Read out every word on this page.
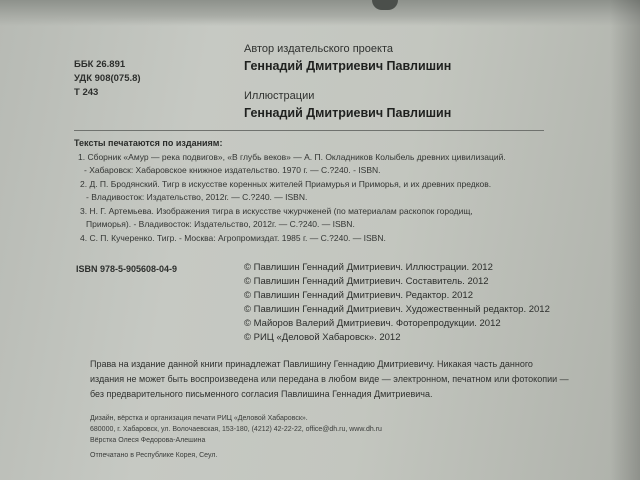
ББК 26.891
УДК 908(075.8)
Т 243
Автор издательского проекта
Геннадий Дмитриевич Павлишин
Иллюстрации
Геннадий Дмитриевич Павлишин
Тексты печатаются по изданиям:
1. Сборник «Амур — река подвигов», «В глубь веков» — А. П. Окладников Колыбель древних цивилизаций.
- Хабаровск: Хабаровское книжное издательство. 1970 г. — С.?240. - ISBN.
2. Д. П. Бродянский. Тигр в искусстве коренных жителей Приамурья и Приморья, и их древних предков.
- Владивосток: Издательство, 2012г. — С.?240. — ISBN.
3. Н. Г. Артемьева. Изображения тигра в искусстве чжурчженей (по материалам раскопок городищ,
Приморья). - Владивосток: Издательство, 2012г. — С.?240. — ISBN.
4. С. П. Кучеренко. Тигр. - Москва: Агропромиздат. 1985 г. — С.?240. — ISBN.
ISBN 978-5-905608-04-9	© Павлишин Геннадий Дмитриевич. Иллюстрации. 2012
© Павлишин Геннадий Дмитриевич. Составитель. 2012
© Павлишин Геннадий Дмитриевич. Редактор. 2012
© Павлишин Геннадий Дмитриевич. Художественный редактор. 2012
© Майоров Валерий Дмитриевич. Фоторепродукции. 2012
© РИЦ «Деловой Хабаровск». 2012
Права на издание данной книги принадлежат Павлишину Геннадию Дмитриевичу. Никакая часть данного
издания не может быть воспроизведена или передана в любом виде — электронном, печатном или фотокопии —
без предварительного письменного согласия Павлишина Геннадия Дмитриевича.
Дизайн, вёрстка и организация печати РИЦ «Деловой Хабаровск».
680000, г. Хабаровск, ул. Волочаевская, 153-180, (4212) 42-22-22, office@dh.ru, www.dh.ru
Вёрстка Олеся Федорова-Алешина
Отпечатано в Республике Корея, Сеул.
